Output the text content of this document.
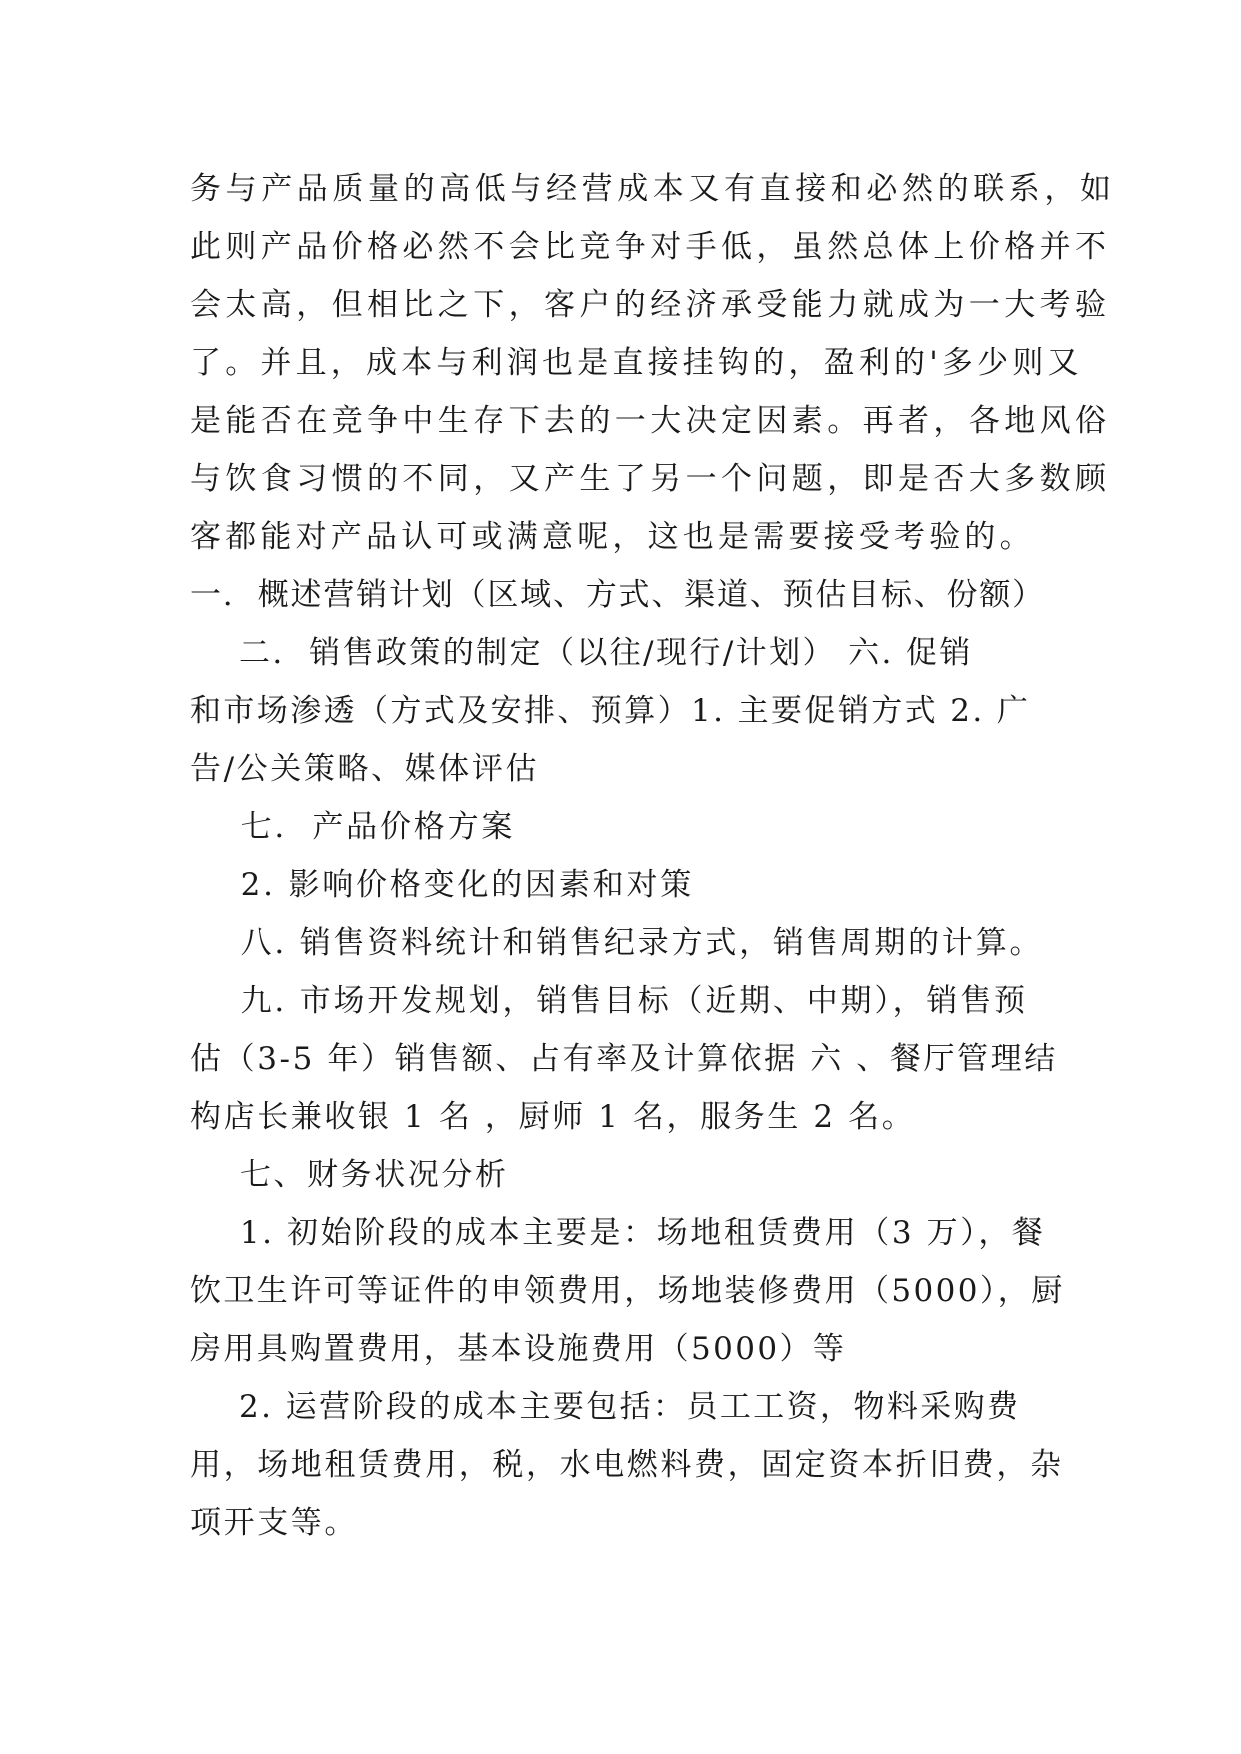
务与产品质量的高低与经营成本又有直接和必然的联系，如
此则产品价格必然不会比竞争对手低，虽然总体上价格并不
会太高，但相比之下，客户的经济承受能力就成为一大考验
了。并且，成本与利润也是直接挂钩的，盈利的'多少则又
是能否在竞争中生存下去的一大决定因素。再者，各地风俗
与饮食习惯的不同，又产生了另一个问题，即是否大多数顾
客都能对产品认可或满意呢，这也是需要接受考验的。
一.  概述营销计划（区域、方式、渠道、预估目标、份额）
二.  销售政策的制定（以往/现行/计划） 六. 促销
和市场渗透（方式及安排、预算）1. 主要促销方式 2. 广
告/公关策略、媒体评估
七.  产品价格方案
2. 影响价格变化的因素和对策
八. 销售资料统计和销售纪录方式，销售周期的计算。
九. 市场开发规划，销售目标（近期、中期），销售预
估（3-5 年）销售额、占有率及计算依据 六 、餐厅管理结
构店长兼收银 1 名 ，厨师 1 名，服务生 2 名。
七、财务状况分析
1. 初始阶段的成本主要是：场地租赁费用（3 万），餐
饮卫生许可等证件的申领费用，场地装修费用（5000），厨
房用具购置费用，基本设施费用（5000）等
2. 运营阶段的成本主要包括：员工工资，物料采购费
用，场地租赁费用，税，水电燃料费，固定资本折旧费，杂
项开支等。
